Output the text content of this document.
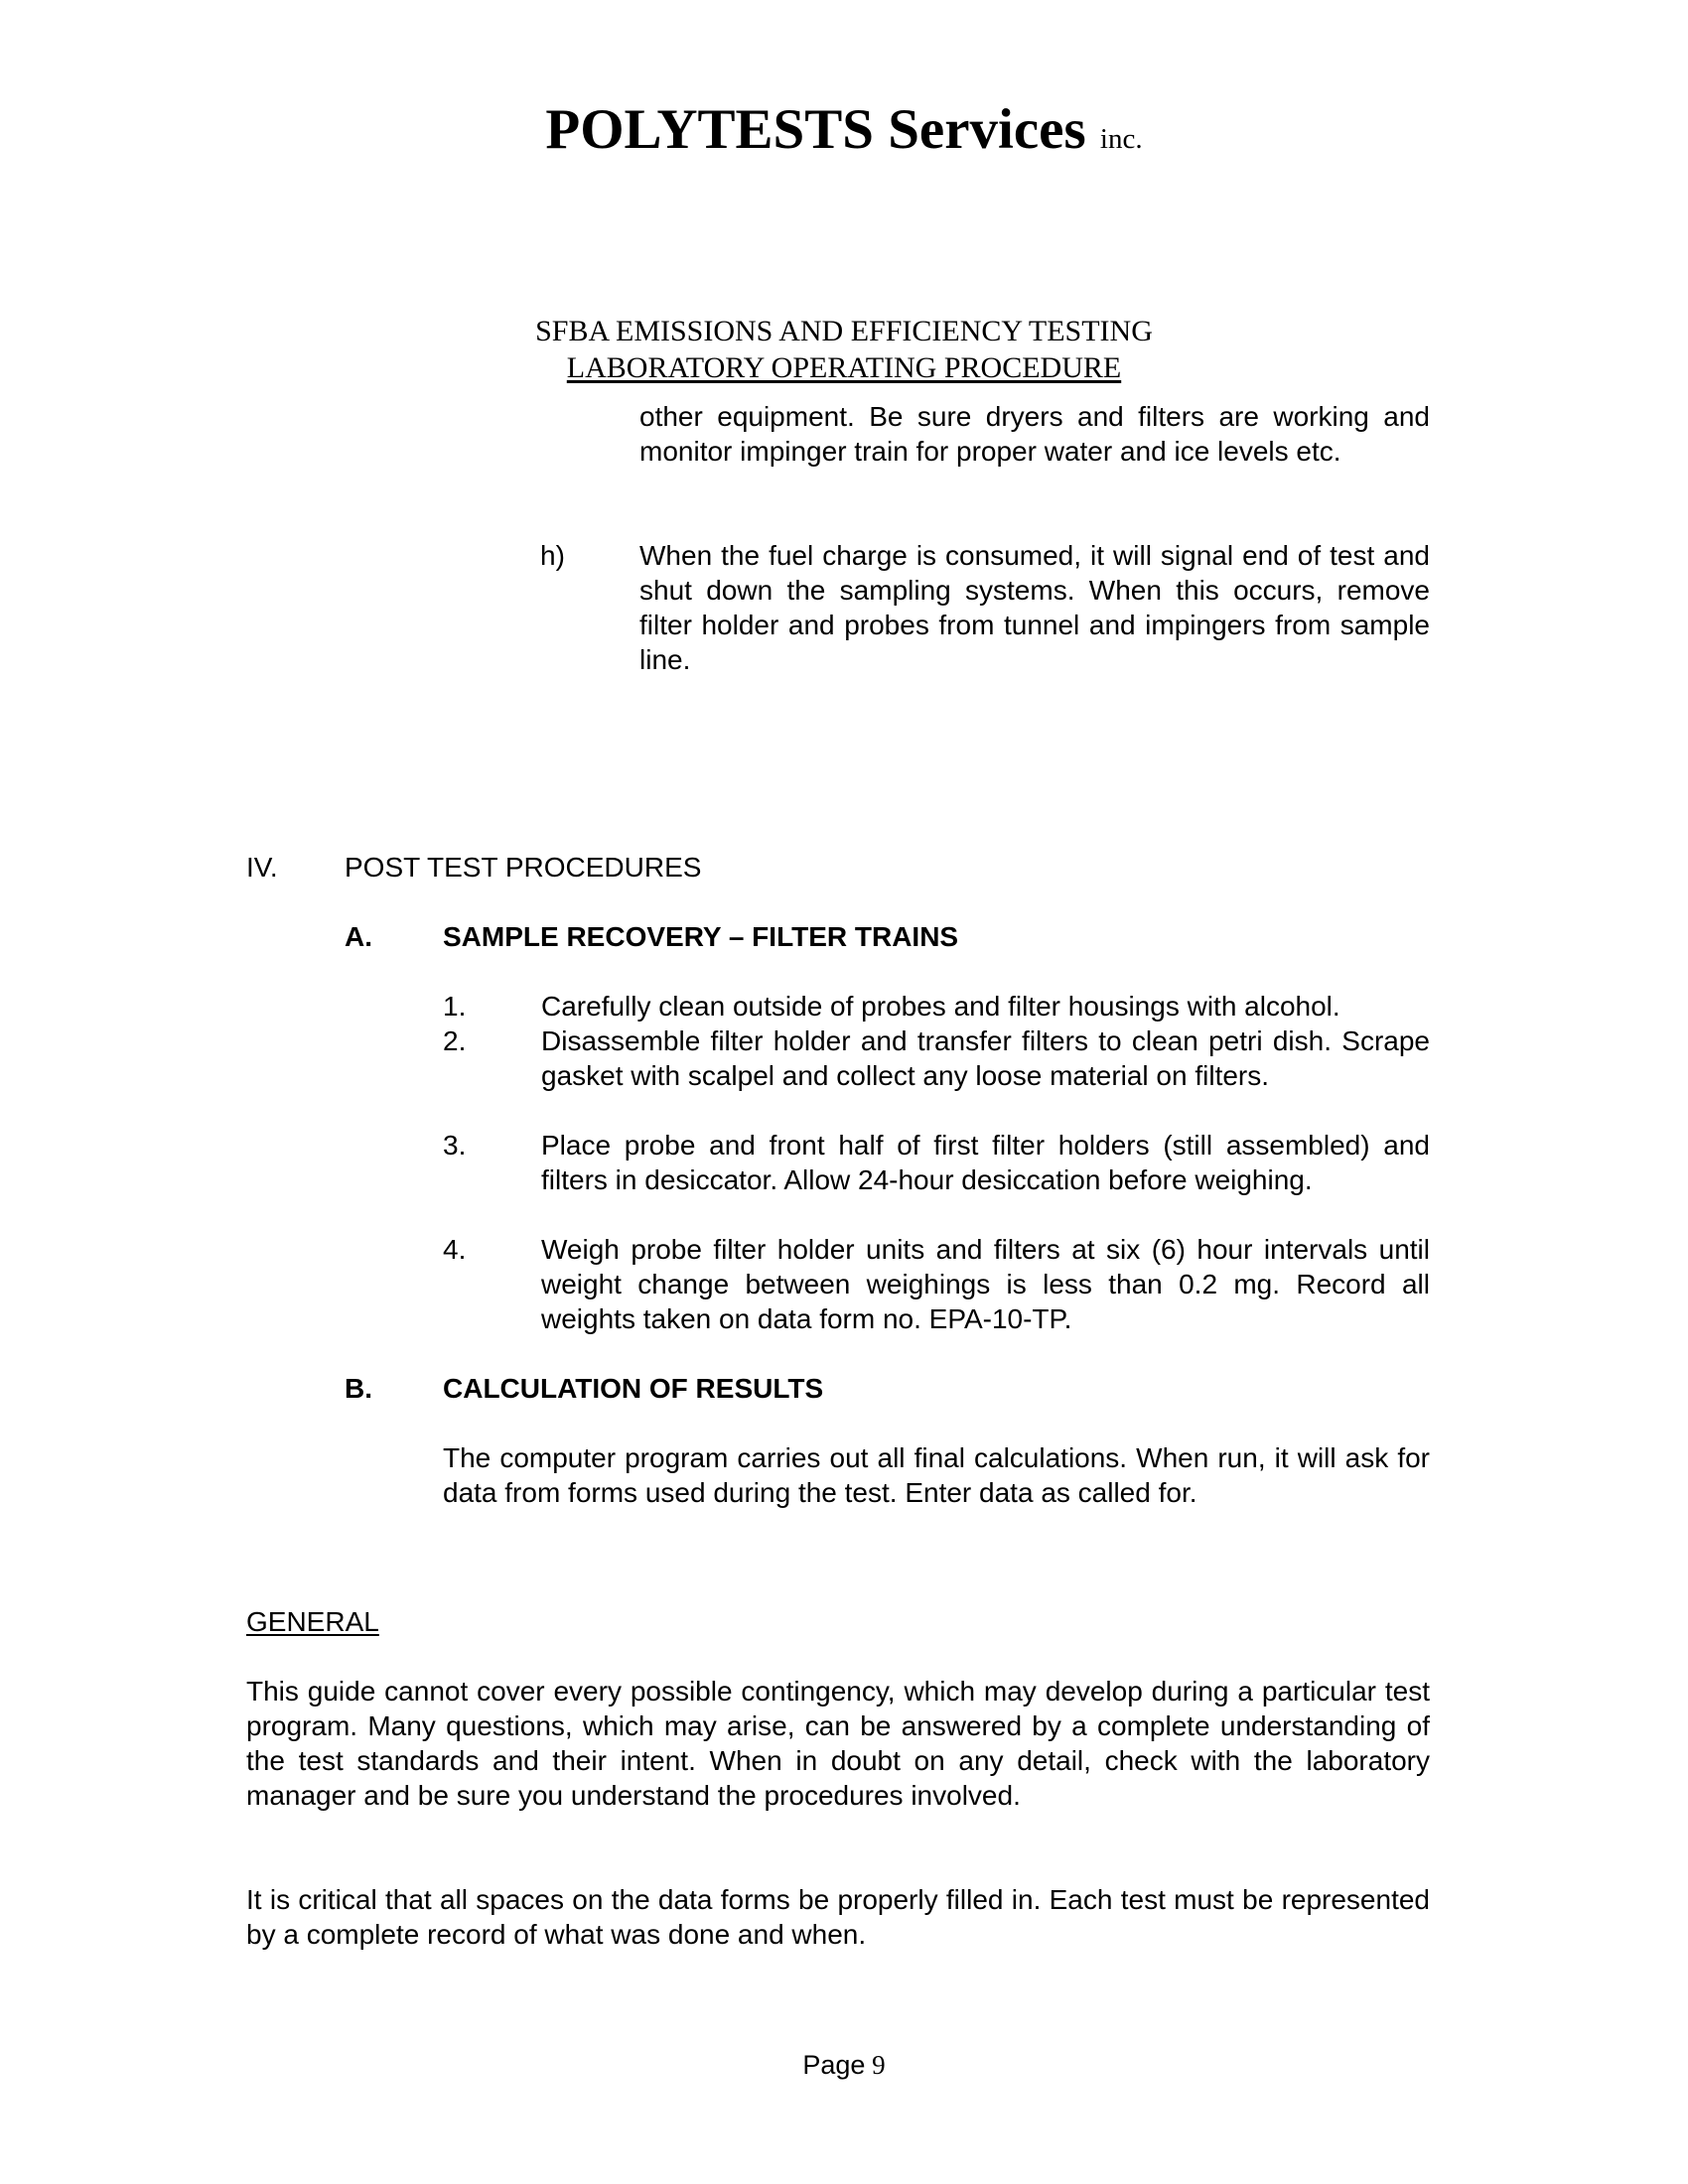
POLYTESTS Services inc.
SFBA EMISSIONS AND EFFICIENCY TESTING
LABORATORY OPERATING PROCEDURE
other equipment. Be sure dryers and filters are working and monitor impinger train for proper water and ice levels etc.
h)	When the fuel charge is consumed, it will signal end of test and shut down the sampling systems. When this occurs, remove filter holder and probes from tunnel and impingers from sample line.
IV. POST TEST PROCEDURES
A.	SAMPLE RECOVERY – FILTER TRAINS
1.	Carefully clean outside of probes and filter housings with alcohol.
2.	Disassemble filter holder and transfer filters to clean petri dish. Scrape gasket with scalpel and collect any loose material on filters.
3.	Place probe and front half of first filter holders (still assembled) and filters in desiccator. Allow 24-hour desiccation before weighing.
4.	Weigh probe filter holder units and filters at six (6) hour intervals until weight change between weighings is less than 0.2 mg. Record all weights taken on data form no. EPA-10-TP.
B.	CALCULATION OF RESULTS
The computer program carries out all final calculations. When run, it will ask for data from forms used during the test. Enter data as called for.
GENERAL
This guide cannot cover every possible contingency, which may develop during a particular test program. Many questions, which may arise, can be answered by a complete understanding of the test standards and their intent. When in doubt on any detail, check with the laboratory manager and be sure you understand the procedures involved.
It is critical that all spaces on the data forms be properly filled in. Each test must be represented by a complete record of what was done and when.
Page 9
